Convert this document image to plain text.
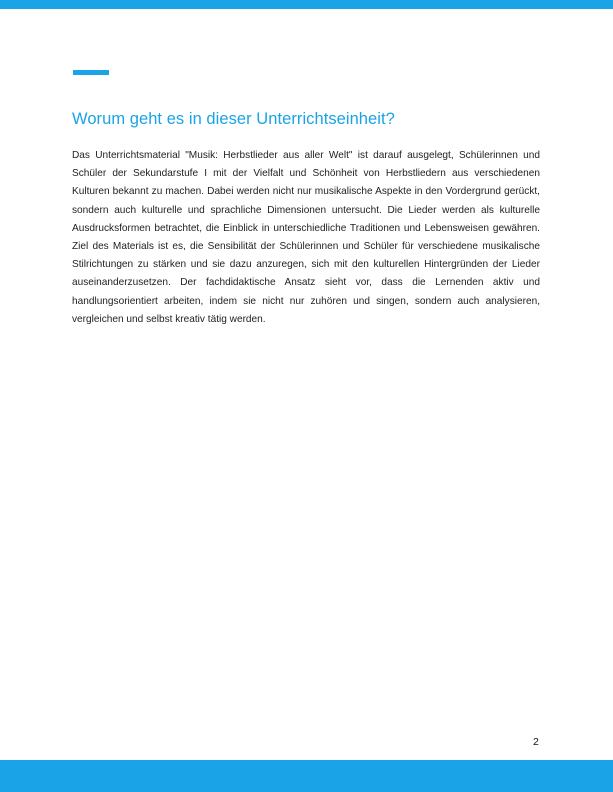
Worum geht es in dieser Unterrichtseinheit?

Das Unterrichtsmaterial "Musik: Herbstlieder aus aller Welt" ist darauf ausgelegt, Schülerinnen und Schüler der Sekundarstufe I mit der Vielfalt und Schönheit von Herbstliedern aus verschiedenen Kulturen bekannt zu machen. Dabei werden nicht nur musikalische Aspekte in den Vordergrund gerückt, sondern auch kulturelle und sprachliche Dimensionen untersucht. Die Lieder werden als kulturelle Ausdrucksformen betrachtet, die Einblick in unterschiedliche Traditionen und Lebensweisen gewähren. Ziel des Materials ist es, die Sensibilität der Schülerinnen und Schüler für verschiedene musikalische Stilrichtungen zu stärken und sie dazu anzuregen, sich mit den kulturellen Hintergründen der Lieder auseinanderzusetzen. Der fachdidaktische Ansatz sieht vor, dass die Lernenden aktiv und handlungsorientiert arbeiten, indem sie nicht nur zuhören und singen, sondern auch analysieren, vergleichen und selbst kreativ tätig werden.

2
